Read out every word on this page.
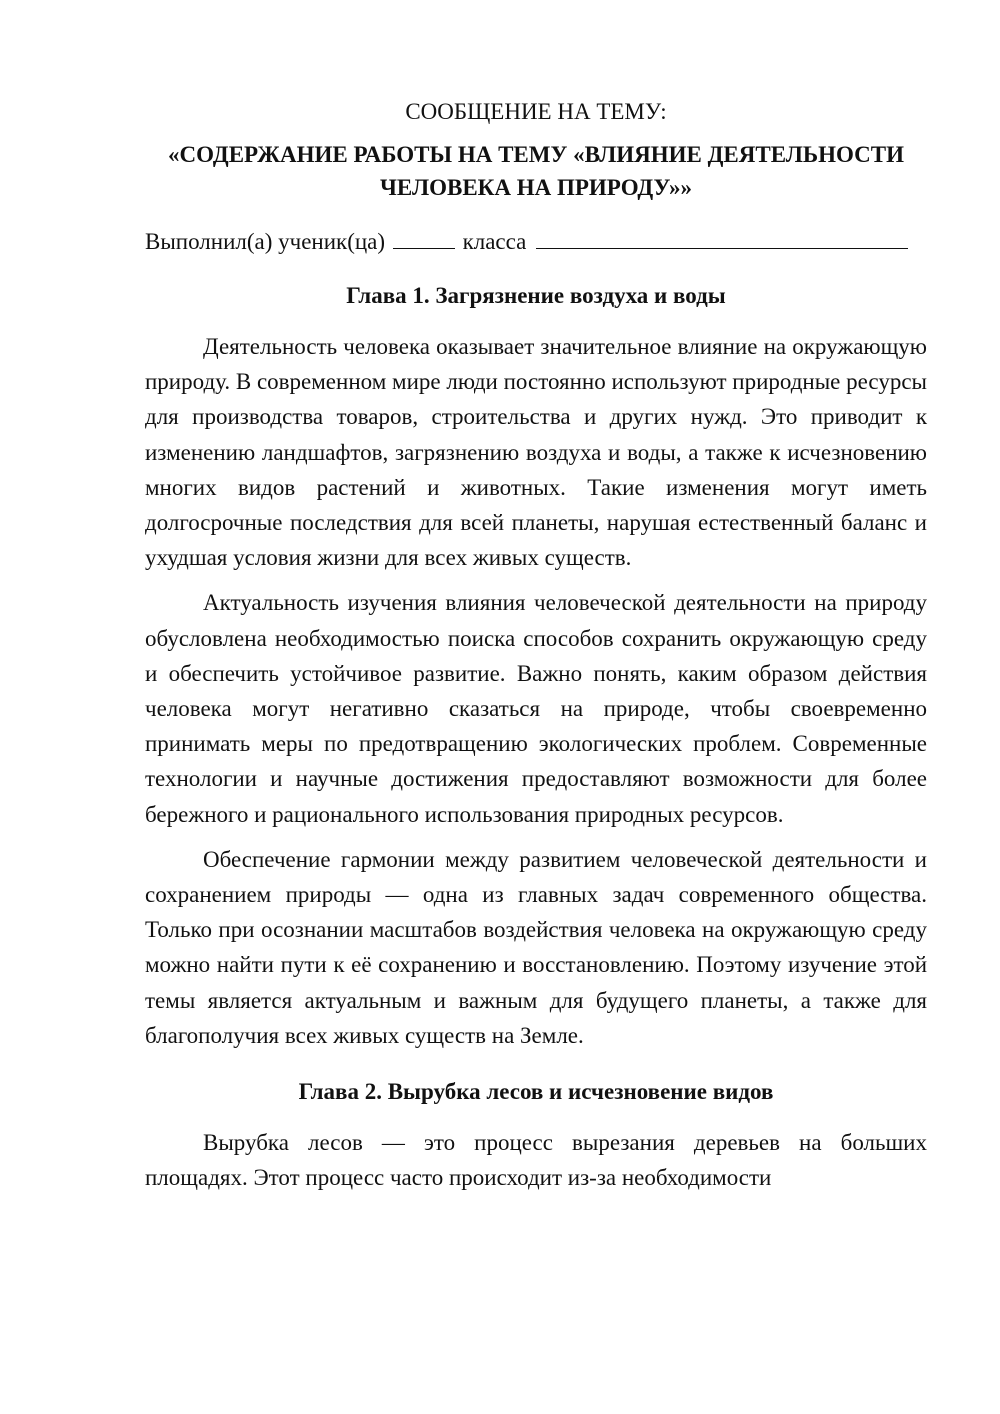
СООБЩЕНИЕ НА ТЕМУ:

«СОДЕРЖАНИЕ РАБОТЫ НА ТЕМУ «ВЛИЯНИЕ ДЕЯТЕЛЬНОСТИ
ЧЕЛОВЕКА НА ПРИРОДУ»»

Выполнил(а) ученик(ца)	класса

Глава 1. Загрязнение воздуха и воды

Деятельность человека оказывает значительное влияние на окружающую природу. В современном мире люди постоянно используют природные ресурсы для производства товаров, строительства и других нужд. Это приводит к изменению ландшафтов, загрязнению воздуха и воды, а также к исчезновению многих видов растений и животных. Такие изменения могут иметь долгосрочные последствия для всей планеты, нарушая естественный баланс и ухудшая условия жизни для всех живых существ.

Актуальность изучения влияния человеческой деятельности на природу обусловлена необходимостью поиска способов сохранить окружающую среду и обеспечить устойчивое развитие. Важно понять, каким образом действия человека могут негативно сказаться на природе, чтобы своевременно принимать меры по предотвращению экологических проблем. Современные технологии и научные достижения предоставляют возможности для более бережного и рационального использования природных ресурсов.

Обеспечение гармонии между развитием человеческой деятельности и сохранением природы — одна из главных задач современного общества. Только при осознании масштабов воздействия человека на окружающую среду можно найти пути к её сохранению и восстановлению. Поэтому изучение этой темы является актуальным и важным для будущего планеты, а также для благополучия всех живых существ на Земле.

Глава 2. Вырубка лесов и исчезновение видов

Вырубка лесов — это процесс вырезания деревьев на больших площадях. Этот процесс часто происходит из-за необходимости
